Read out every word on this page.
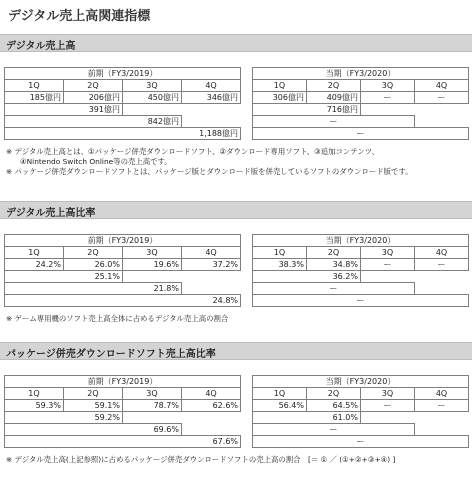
デジタル売上高関連指標
デジタル売上高
前期（FY3/2019）			
1Q	2Q	3Q	4Q
185億円	206億円	450億円	346億円
391億円			
842億円			
1,188億円			
当期（FY3/2020）			
1Q	2Q	3Q	4Q
306億円	409億円	ー	ー
716億円			
ー			
ー			
※ デジタル売上高とは、①パッケージ併売ダウンロードソフト、②ダウンロード専用ソフト、③追加コンテンツ、
④Nintendo Switch Online等の売上高です。
※ パッケージ併売ダウンロードソフトとは、パッケージ版とダウンロード版を併売しているソフトのダウンロード版です。
デジタル売上高比率
前期（FY3/2019）			
1Q	2Q	3Q	4Q
24.2%	26.0%	19.6%	37.2%
25.1%			
21.8%			
24.8%			
当期（FY3/2020）			
1Q	2Q	3Q	4Q
38.3%	34.8%	ー	ー
36.2%			
ー			
ー			
※ ゲーム専用機のソフト売上高全体に占めるデジタル売上高の割合
パッケージ併売ダウンロードソフト売上高比率
前期（FY3/2019）			
1Q	2Q	3Q	4Q
59.3%	59.1%	78.7%	62.6%
59.2%			
69.6%			
67.6%			
当期（FY3/2020）			
1Q	2Q	3Q	4Q
56.4%	64.5%	ー	ー
61.0%			
ー			
ー			
※ デジタル売上高(上記参照)に占めるパッケージ併売ダウンロードソフトの売上高の割合　[＝ ① ／ (①+②+③+④) ]
